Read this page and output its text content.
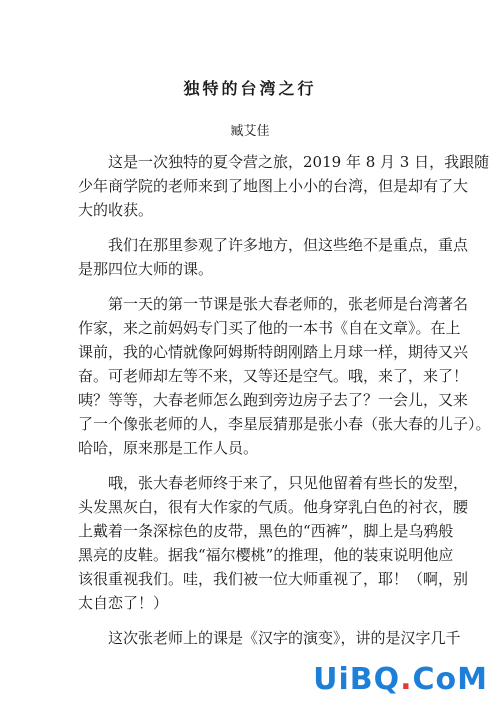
独特的台湾之行
臧艾佳
　　这是一次独特的夏令营之旅，2019 年 8 月 3 日，我跟随
少年商学院的老师来到了地图上小小的台湾，但是却有了大
大的收获。
　　我们在那里参观了许多地方，但这些绝不是重点，重点
是那四位大师的课。
　　第一天的第一节课是张大春老师的，张老师是台湾著名
作家，来之前妈妈专门买了他的一本书《自在文章》。在上
课前，我的心情就像阿姆斯特朗刚踏上月球一样，期待又兴
奋。可老师却左等不来，又等还是空气。哦，来了，来了！
咦？等等，大春老师怎么跑到旁边房子去了？一会儿，又来
了一个像张老师的人，李星辰猜那是张小春（张大春的儿子）。
哈哈，原来那是工作人员。
　　哦，张大春老师终于来了，只见他留着有些长的发型，
头发黑灰白，很有大作家的气质。他身穿乳白色的衬衣，腰
上戴着一条深棕色的皮带，黑色的“西裤”，脚上是乌鸦般
黑亮的皮鞋。据我“福尔樱桃”的推理，他的装束说明他应
该很重视我们。哇，我们被一位大师重视了，耶！（啊，别
太自恋了！）
　　这次张老师上的课是《汉字的演变》，讲的是汉字几千
UiBQ . CoM
